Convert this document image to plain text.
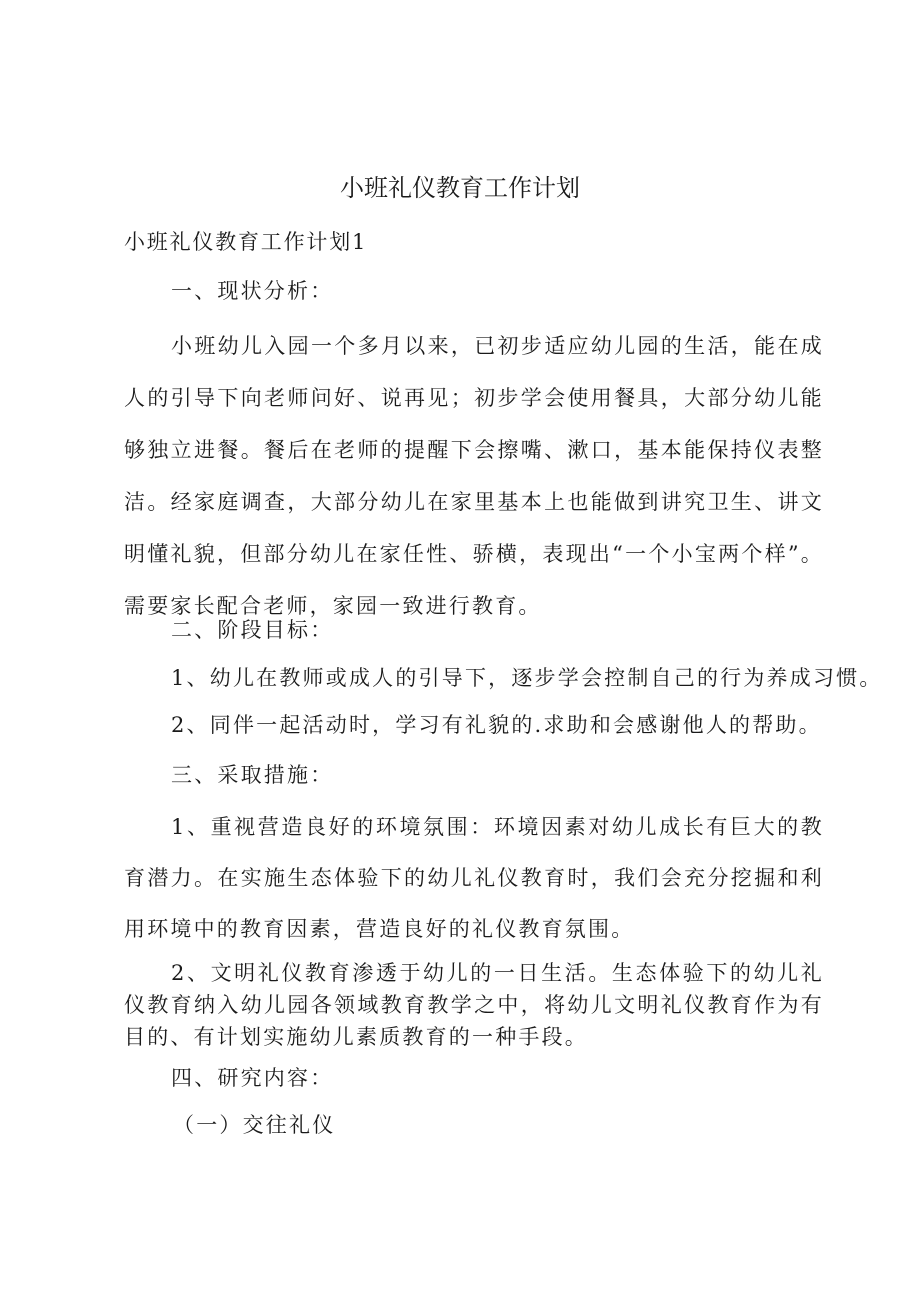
小班礼仪教育工作计划
小班礼仪教育工作计划1
一、现状分析：

小班幼儿入园一个多月以来，已初步适应幼儿园的生活，能在成人的引导下向老师问好、说再见；初步学会使用餐具，大部分幼儿能够独立进餐。餐后在老师的提醒下会擦嘴、漱口，基本能保持仪表整洁。经家庭调查，大部分幼儿在家里基本上也能做到讲究卫生、讲文明懂礼貌，但部分幼儿在家任性、骄横，表现出“一个小宝两个样”。需要家长配合老师，家园一致进行教育。

二、阶段目标：
1、幼儿在教师或成人的引导下，逐步学会控制自己的行为养成习惯。
2、同伴一起活动时，学习有礼貌的.求助和会感谢他人的帮助。
三、采取措施：

1、重视营造良好的环境氛围：环境因素对幼儿成长有巨大的教育潜力。在实施生态体验下的幼儿礼仪教育时，我们会充分挖掘和利用环境中的教育因素，营造良好的礼仪教育氛围。

2、文明礼仪教育渗透于幼儿的一日生活。生态体验下的幼儿礼仪教育纳入幼儿园各领域教育教学之中，将幼儿文明礼仪教育作为有目的、有计划实施幼儿素质教育的一种手段。

四、研究内容：
（一）交往礼仪
